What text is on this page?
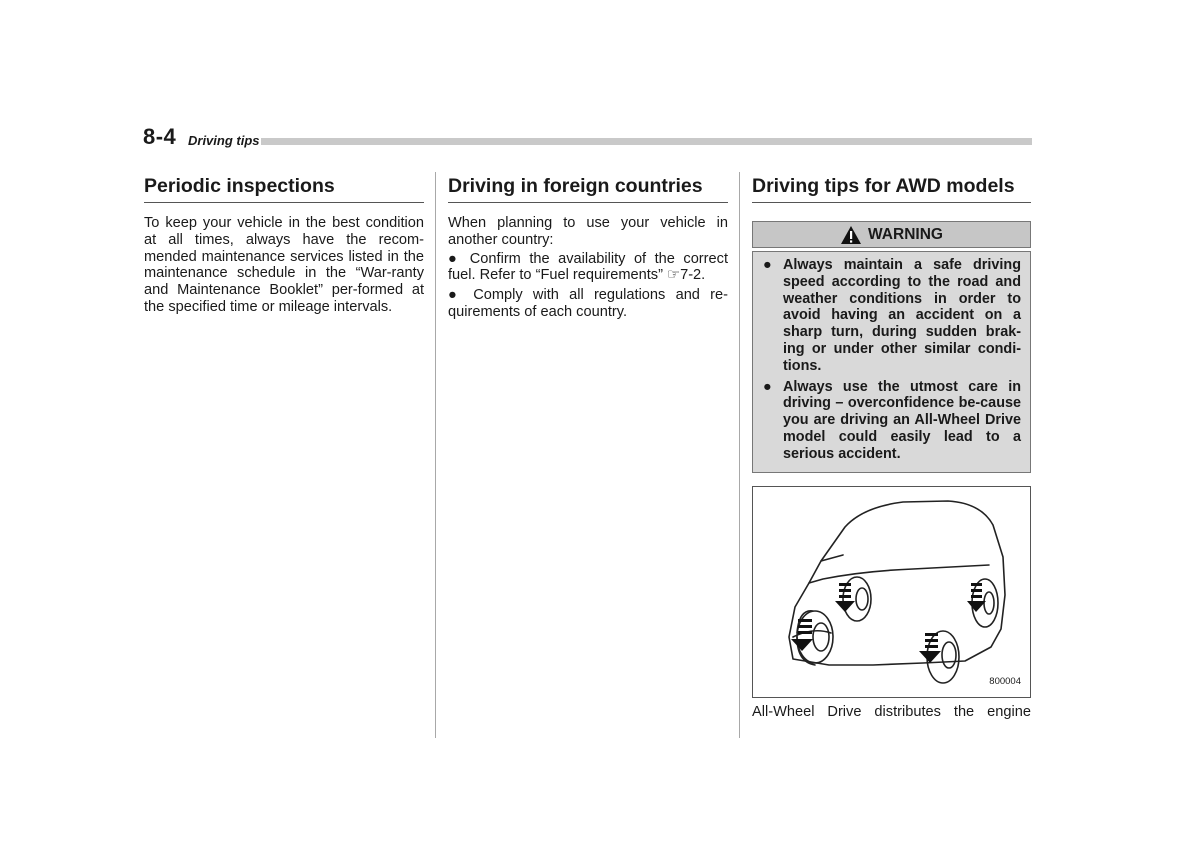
8-4 Driving tips
Periodic inspections

To keep your vehicle in the best condition at all times, always have the recom-mended maintenance services listed in the maintenance schedule in the “War-ranty and Maintenance Booklet” per-formed at the specified time or mileage intervals.

Driving in foreign countries

When planning to use your vehicle in another country:

● Confirm the availability of the correct fuel. Refer to “Fuel requirements” ☞7-2.
● Comply with all regulations and re-quirements of each country.
Driving tips for AWD models
WARNING
● Always maintain a safe driving speed according to the road and weather conditions in order to avoid having an accident on a sharp turn, during sudden brak-ing or under other similar condi-tions.
● Always use the utmost care in driving – overconfidence be-cause you are driving an All-Wheel Drive model could easily lead to a serious accident.
800004
All-Wheel Drive distributes the engine
